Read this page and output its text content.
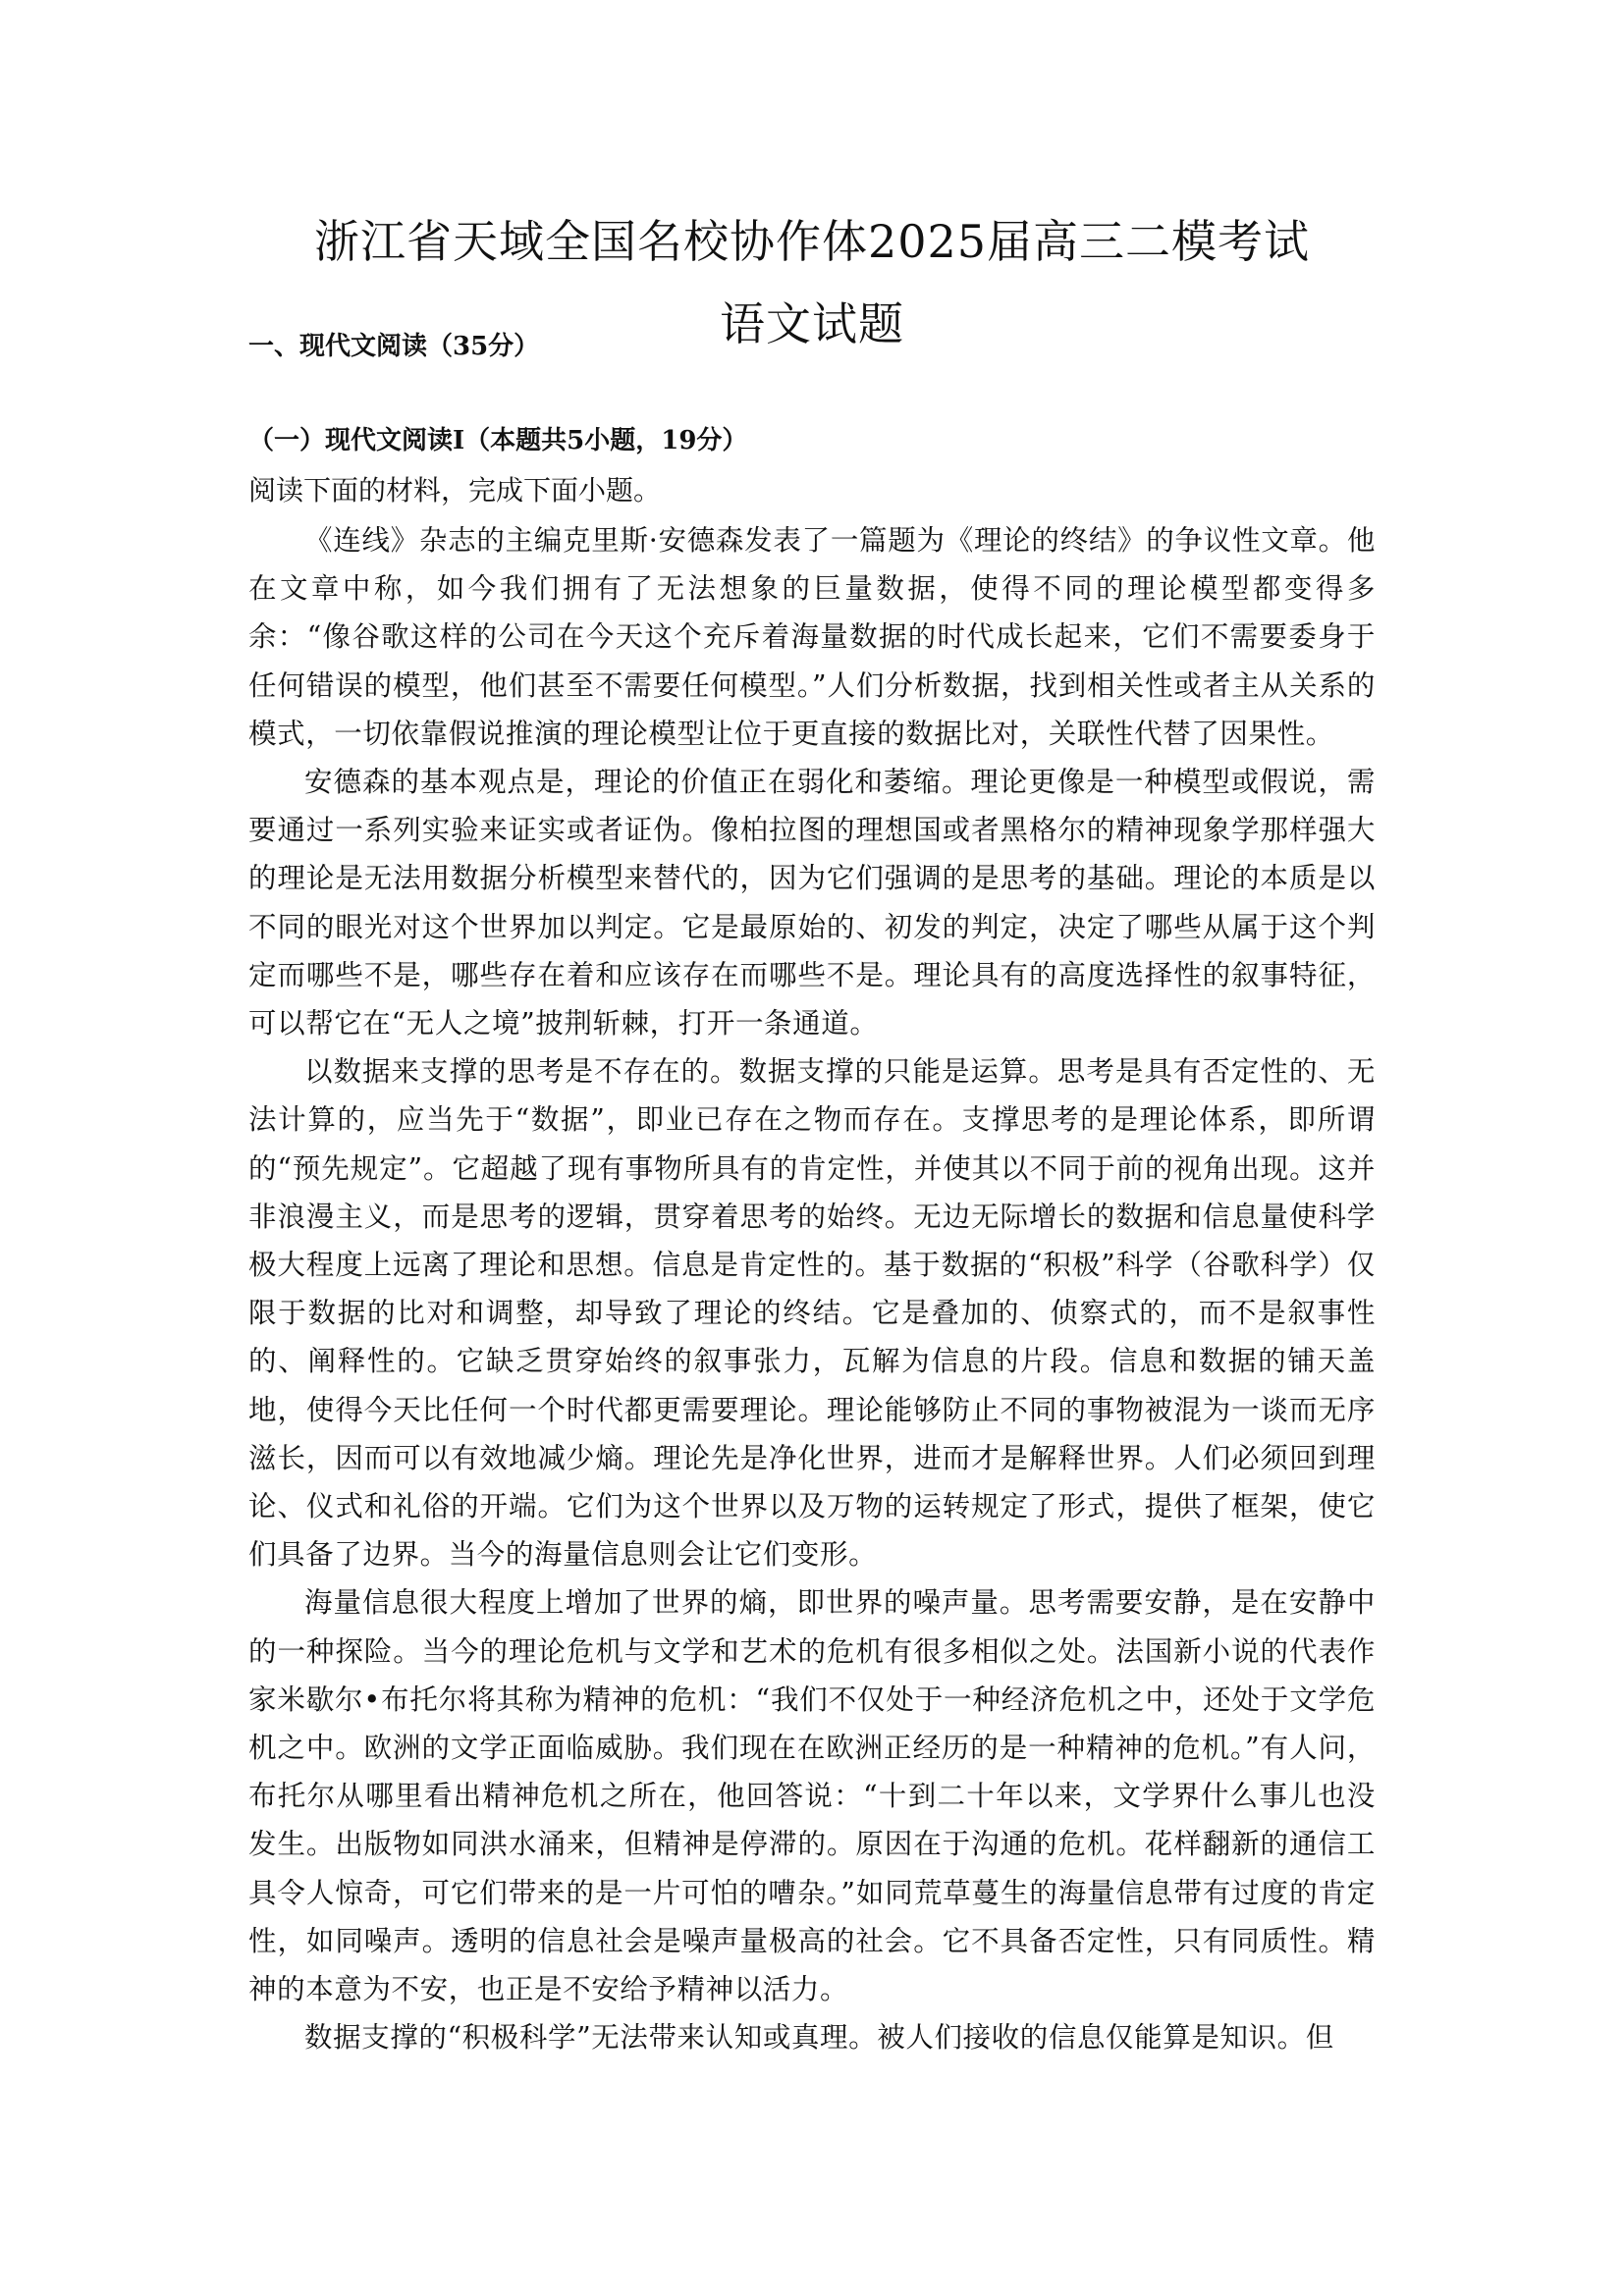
浙江省天域全国名校协作体2025届高三二模考试
语文试题
一、现代文阅读（35分）
（一）现代文阅读Ⅰ（本题共5小题，19分）
阅读下面的材料，完成下面小题。

《连线》杂志的主编克里斯·安德森发表了一篇题为《理论的终结》的争议性文章。他在文章中称，如今我们拥有了无法想象的巨量数据，使得不同的理论模型都变得多余：“像谷歌这样的公司在今天这个充斥着海量数据的时代成长起来，它们不需要委身于任何错误的模型，他们甚至不需要任何模型。”人们分析数据，找到相关性或者主从关系的模式，一切依靠假说推演的理论模型让位于更直接的数据比对，关联性代替了因果性。

安德森的基本观点是，理论的价值正在弱化和萎缩。理论更像是一种模型或假说，需要通过一系列实验来证实或者证伪。像柏拉图的理想国或者黑格尔的精神现象学那样强大的理论是无法用数据分析模型来替代的，因为它们强调的是思考的基础。理论的本质是以不同的眼光对这个世界加以判定。它是最原始的、初发的判定，决定了哪些从属于这个判定而哪些不是，哪些存在着和应该存在而哪些不是。理论具有的高度选择性的叙事特征，可以帮它在“无人之境”披荆斩棘，打开一条通道。

以数据来支撑的思考是不存在的。数据支撑的只能是运算。思考是具有否定性的、无法计算的，应当先于“数据”，即业已存在之物而存在。支撑思考的是理论体系，即所谓的“预先规定”。它超越了现有事物所具有的肯定性，并使其以不同于前的视角出现。这并非浪漫主义，而是思考的逻辑，贯穿着思考的始终。无边无际增长的数据和信息量使科学极大程度上远离了理论和思想。信息是肯定性的。基于数据的“积极”科学（谷歌科学）仅限于数据的比对和调整，却导致了理论的终结。它是叠加的、侦察式的，而不是叙事性的、阐释性的。它缺乏贯穿始终的叙事张力，瓦解为信息的片段。信息和数据的铺天盖地，使得今天比任何一个时代都更需要理论。理论能够防止不同的事物被混为一谈而无序滋长，因而可以有效地减少熵。理论先是净化世界，进而才是解释世界。人们必须回到理论、仪式和礼俗的开端。它们为这个世界以及万物的运转规定了形式，提供了框架，使它们具备了边界。当今的海量信息则会让它们变形。

海量信息很大程度上增加了世界的熵，即世界的噪声量。思考需要安静，是在安静中的一种探险。当今的理论危机与文学和艺术的危机有很多相似之处。法国新小说的代表作家米歇尔•布托尔将其称为精神的危机：“我们不仅处于一种经济危机之中，还处于文学危机之中。欧洲的文学正面临威胁。我们现在在欧洲正经历的是一种精神的危机。”有人问，布托尔从哪里看出精神危机之所在，他回答说：“十到二十年以来，文学界什么事儿也没发生。出版物如同洪水涌来，但精神是停滞的。原因在于沟通的危机。花样翻新的通信工具令人惊奇，可它们带来的是一片可怕的嘈杂。”如同荒草蔓生的海量信息带有过度的肯定性，如同噪声。透明的信息社会是噪声量极高的社会。它不具备否定性，只有同质性。精神的本意为不安，也正是不安给予精神以活力。

数据支撑的“积极科学”无法带来认知或真理。被人们接收的信息仅能算是知识。但
